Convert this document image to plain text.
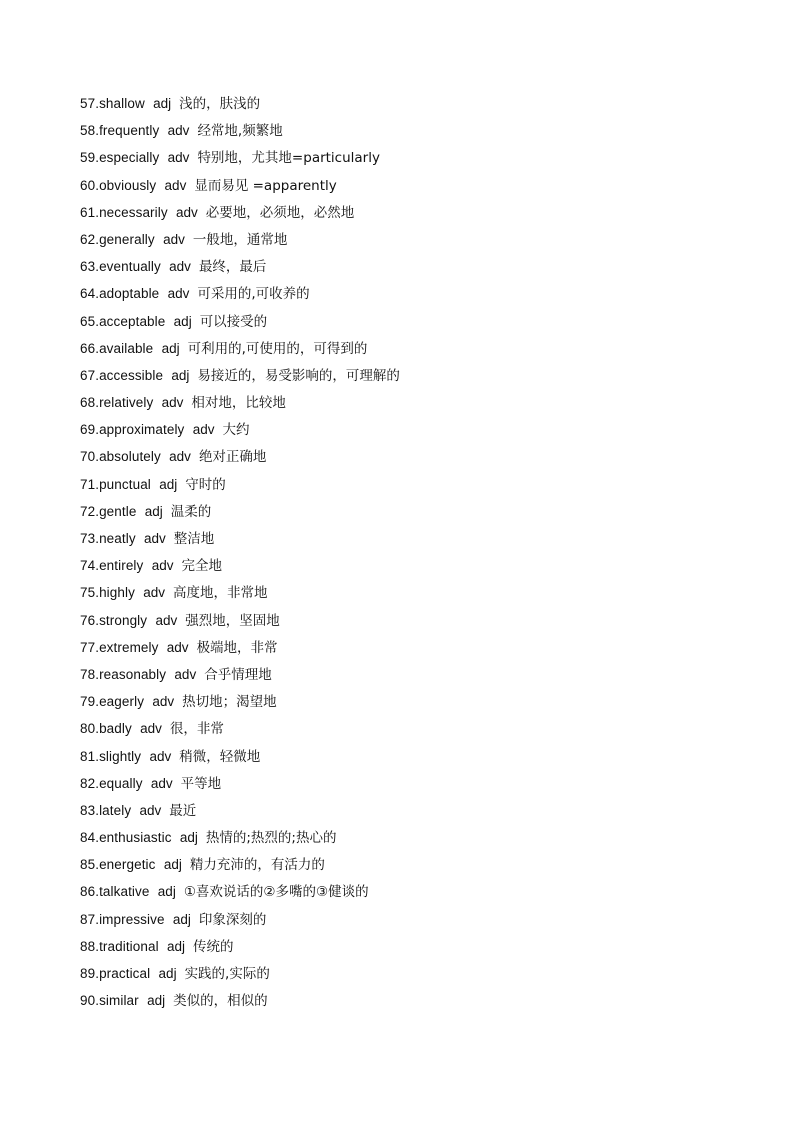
57.shallow adj 浅的，肤浅的
58.frequently adv 经常地,频繁地
59.especially adv 特别地，尤其地=particularly
60.obviously adv 显而易见 =apparently
61.necessarily adv 必要地，必须地，必然地
62.generally adv 一般地，通常地
63.eventually adv 最终，最后
64.adoptable adv 可采用的,可收养的
65.acceptable adj 可以接受的
66.available adj 可利用的,可使用的，可得到的
67.accessible adj 易接近的，易受影响的，可理解的
68.relatively adv 相对地，比较地
69.approximately adv 大约
70.absolutely adv 绝对正确地
71.punctual adj 守时的
72.gentle adj 温柔的
73.neatly adv 整洁地
74.entirely adv 完全地
75.highly adv 高度地，非常地
76.strongly adv 强烈地，坚固地
77.extremely adv 极端地，非常
78.reasonably adv 合乎情理地
79.eagerly adv 热切地；渴望地
80.badly adv 很，非常
81.slightly adv 稍微，轻微地
82.equally adv 平等地
83.lately adv 最近
84.enthusiastic adj 热情的;热烈的;热心的
85.energetic adj 精力充沛的，有活力的
86.talkative adj ①喜欢说话的②多嘴的③健谈的
87.impressive adj 印象深刻的
88.traditional adj 传统的
89.practical adj 实践的,实际的
90.similar adj 类似的，相似的
